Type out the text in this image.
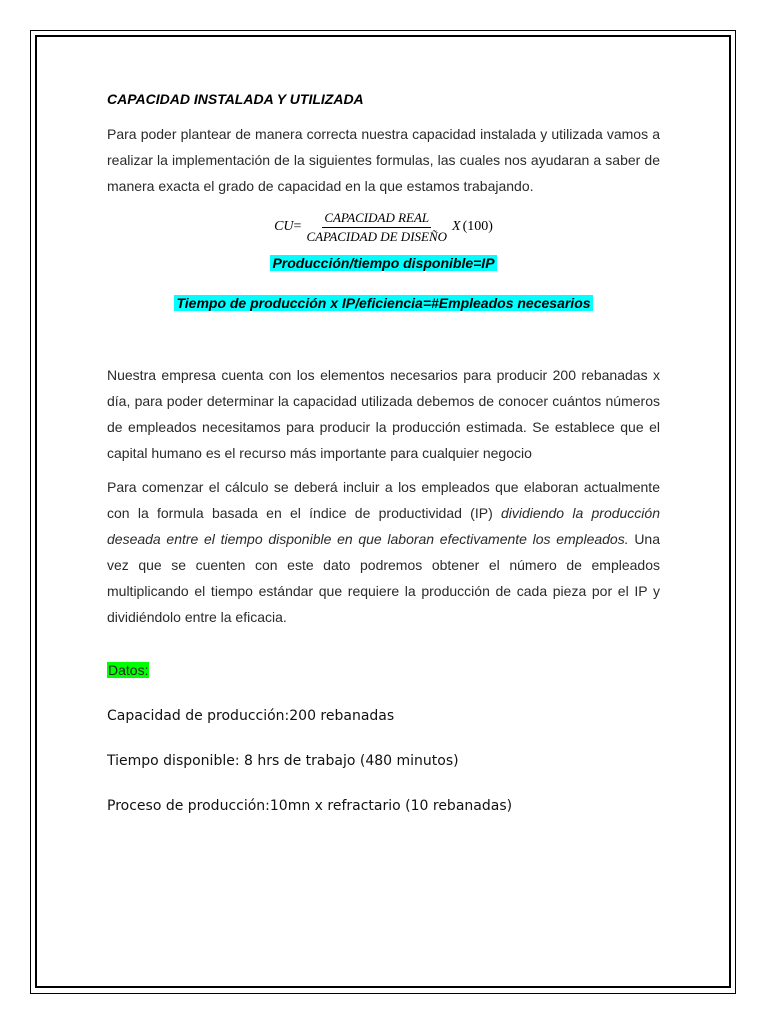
CAPACIDAD INSTALADA Y UTILIZADA

Para poder plantear de manera correcta nuestra capacidad instalada y utilizada vamos a realizar la implementación de la siguientes formulas, las cuales nos ayudaran a saber de manera exacta el grado de capacidad en la que estamos trabajando.

CU = $\frac{\text{CAPACIDAD REAL}}{\text{CAPACIDAD DE DISEÑO}}$ X (100)

Producción/tiempo disponible=IP

Tiempo de producción x IP/eficiencia=#Empleados necesarios

Nuestra empresa cuenta con los elementos necesarios para producir 200 rebanadas x día, para poder determinar la capacidad utilizada debemos de conocer cuántos números de empleados necesitamos para producir la producción estimada. Se establece que el capital humano es el recurso más importante para cualquier negocio

Para comenzar el cálculo se deberá incluir a los empleados que elaboran actualmente con la formula basada en el índice de productividad (IP) dividiendo la producción deseada entre el tiempo disponible en que laboran efectivamente los empleados. Una vez que se cuenten con este dato podremos obtener el número de empleados multiplicando el tiempo estándar que requiere la producción de cada pieza por el IP y dividiéndolo entre la eficacia.

Datos:

Capacidad de producción:200 rebanadas

Tiempo disponible: 8 hrs de trabajo (480 minutos)

Proceso de producción:10mn x refractario (10 rebanadas)
